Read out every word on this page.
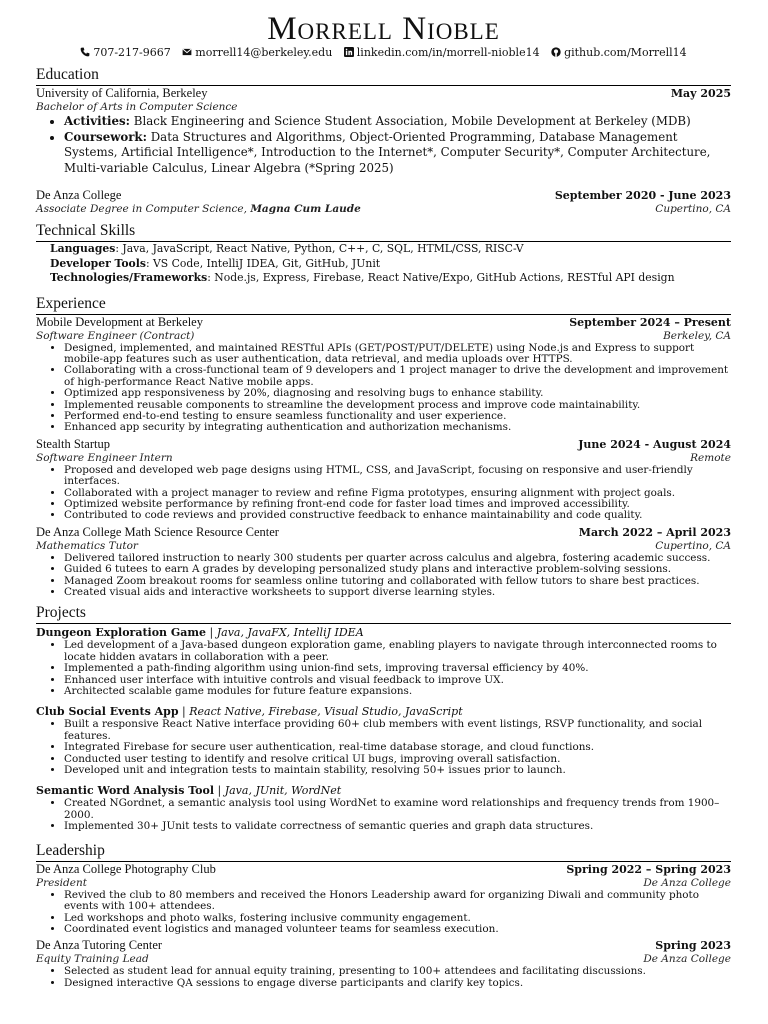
Morrell Nioble
707-217-9667 morrell14@berkeley.edu linkedin.com/in/morrell-nioble14 github.com/Morrell14
Education
University of California, Berkeley	May 2025
Bachelor of Arts in Computer Science
• Activities: Black Engineering and Science Student Association, Mobile Development at Berkeley (MDB)
• Coursework: Data Structures and Algorithms, Object-Oriented Programming, Database Management Systems, Artificial Intelligence*, Introduction to the Internet*, Computer Security*, Computer Architecture, Multi-variable Calculus, Linear Algebra (*Spring 2025)
De Anza College	September 2020 - June 2023
Associate Degree in Computer Science, Magna Cum Laude	Cupertino, CA
Technical Skills
Languages: Java, JavaScript, React Native, Python, C++, C, SQL, HTML/CSS, RISC-V
Developer Tools: VS Code, IntelliJ IDEA, Git, GitHub, JUnit
Technologies/Frameworks: Node.js, Express, Firebase, React Native/Expo, GitHub Actions, RESTful API design
Experience
Mobile Development at Berkeley	September 2024 – Present
Software Engineer (Contract)	Berkeley, CA
• Designed, implemented, and maintained RESTful APIs (GET/POST/PUT/DELETE) using Node.js and Express to support mobile-app features such as user authentication, data retrieval, and media uploads over HTTPS.
• Collaborating with a cross-functional team of 9 developers and 1 project manager to drive the development and improvement of high-performance React Native mobile apps.
• Optimized app responsiveness by 20%, diagnosing and resolving bugs to enhance stability.
• Implemented reusable components to streamline the development process and improve code maintainability.
• Performed end-to-end testing to ensure seamless functionality and user experience.
• Enhanced app security by integrating authentication and authorization mechanisms.
Stealth Startup	June 2024 - August 2024
Software Engineer Intern	Remote
• Proposed and developed web page designs using HTML, CSS, and JavaScript, focusing on responsive and user-friendly interfaces.
• Collaborated with a project manager to review and refine Figma prototypes, ensuring alignment with project goals.
• Optimized website performance by refining front-end code for faster load times and improved accessibility.
• Contributed to code reviews and provided constructive feedback to enhance maintainability and code quality.
De Anza College Math Science Resource Center	March 2022 – April 2023
Mathematics Tutor	Cupertino, CA
• Delivered tailored instruction to nearly 300 students per quarter across calculus and algebra, fostering academic success.
• Guided 6 tutees to earn A grades by developing personalized study plans and interactive problem-solving sessions.
• Managed Zoom breakout rooms for seamless online tutoring and collaborated with fellow tutors to share best practices.
• Created visual aids and interactive worksheets to support diverse learning styles.
Projects
Dungeon Exploration Game | Java, JavaFX, IntelliJ IDEA
• Led development of a Java-based dungeon exploration game, enabling players to navigate through interconnected rooms to locate hidden avatars in collaboration with a peer.
• Implemented a path-finding algorithm using union-find sets, improving traversal efficiency by 40%.
• Enhanced user interface with intuitive controls and visual feedback to improve UX.
• Architected scalable game modules for future feature expansions.
Club Social Events App | React Native, Firebase, Visual Studio, JavaScript
• Built a responsive React Native interface providing 60+ club members with event listings, RSVP functionality, and social features.
• Integrated Firebase for secure user authentication, real-time database storage, and cloud functions.
• Conducted user testing to identify and resolve critical UI bugs, improving overall satisfaction.
• Developed unit and integration tests to maintain stability, resolving 50+ issues prior to launch.
Semantic Word Analysis Tool | Java, JUnit, WordNet
• Created NGordnet, a semantic analysis tool using WordNet to examine word relationships and frequency trends from 1900–2000.
• Implemented 30+ JUnit tests to validate correctness of semantic queries and graph data structures.
Leadership
De Anza College Photography Club	Spring 2022 – Spring 2023
President	De Anza College
• Revived the club to 80 members and received the Honors Leadership award for organizing Diwali and community photo events with 100+ attendees.
• Led workshops and photo walks, fostering inclusive community engagement.
• Coordinated event logistics and managed volunteer teams for seamless execution.
De Anza Tutoring Center	Spring 2023
Equity Training Lead	De Anza College
• Selected as student lead for annual equity training, presenting to 100+ attendees and facilitating discussions.
• Designed interactive QA sessions to engage diverse participants and clarify key topics.
